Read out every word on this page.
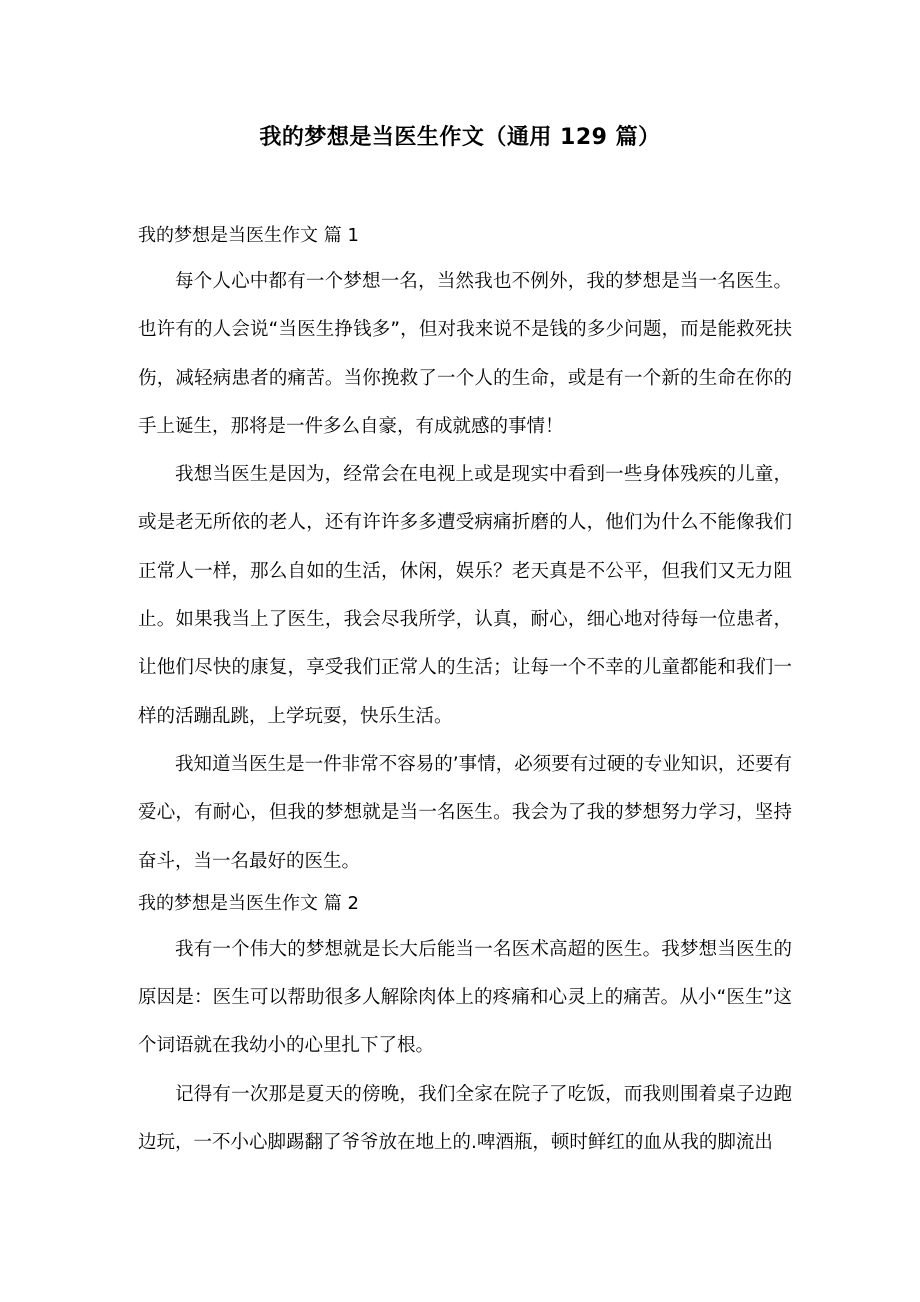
我的梦想是当医生作文（通用 129 篇）

我的梦想是当医生作文 篇 1

每个人心中都有一个梦想一名，当然我也不例外，我的梦想是当一名医生。也许有的人会说“当医生挣钱多”，但对我来说不是钱的多少问题，而是能救死扶伤，减轻病患者的痛苦。当你挽救了一个人的生命，或是有一个新的生命在你的手上诞生，那将是一件多么自豪，有成就感的事情！

我想当医生是因为，经常会在电视上或是现实中看到一些身体残疾的儿童，或是老无所依的老人，还有许许多多遭受病痛折磨的人，他们为什么不能像我们正常人一样，那么自如的生活，休闲，娱乐？老天真是不公平，但我们又无力阻止。如果我当上了医生，我会尽我所学，认真，耐心，细心地对待每一位患者，让他们尽快的康复，享受我们正常人的生活；让每一个不幸的儿童都能和我们一样的活蹦乱跳，上学玩耍，快乐生活。

我知道当医生是一件非常不容易的’事情，必须要有过硬的专业知识，还要有爱心，有耐心，但我的梦想就是当一名医生。我会为了我的梦想努力学习，坚持奋斗，当一名最好的医生。

我的梦想是当医生作文 篇 2

我有一个伟大的梦想就是长大后能当一名医术高超的医生。我梦想当医生的原因是：医生可以帮助很多人解除肉体上的疼痛和心灵上的痛苦。从小“医生”这个词语就在我幼小的心里扎下了根。

记得有一次那是夏天的傍晚，我们全家在院子了吃饭，而我则围着桌子边跑边玩，一不小心脚踢翻了爷爷放在地上的.啤酒瓶，顿时鲜红的血从我的脚流出
